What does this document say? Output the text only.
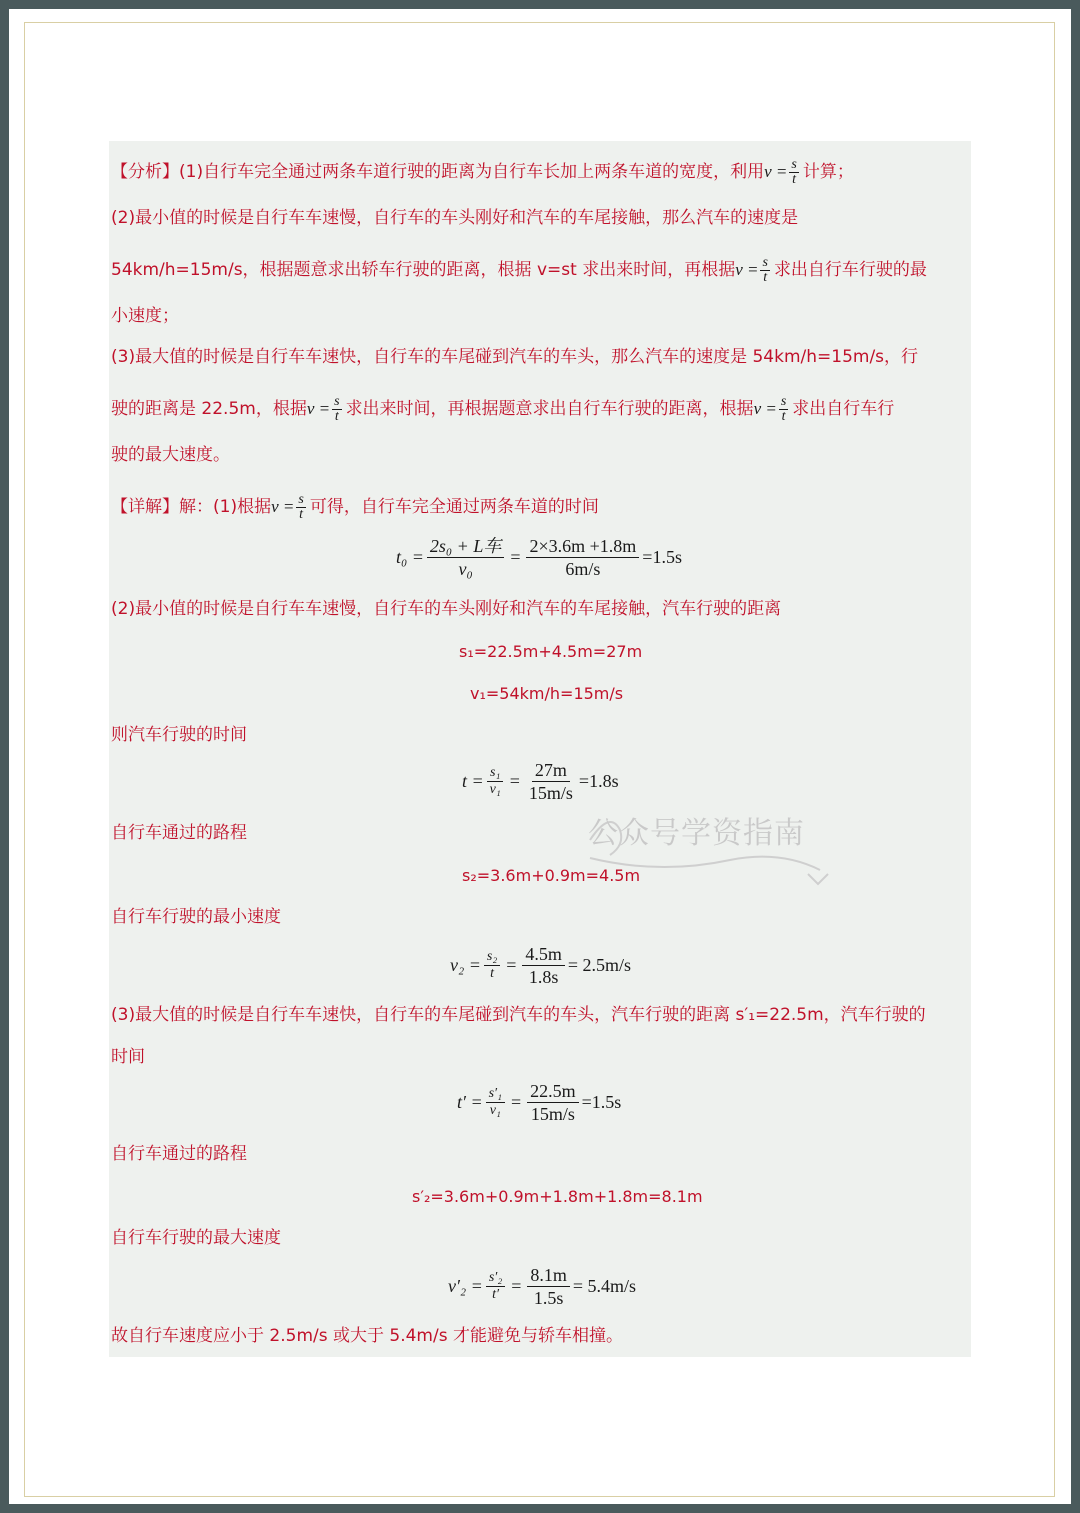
【分析】(1)自行车完全通过两条车道行驶的距离为自行车长加上两条车道的宽度，利用$v = \frac{s}{t}$ 计算；
(2)最小值的时候是自行车车速慢，自行车的车头刚好和汽车的车尾接触，那么汽车的速度是
54km/h=15m/s，根据题意求出轿车行驶的距离，根据 v=st 求出来时间，再根据$v = \frac{s}{t}$ 求出自行车行驶的最
小速度；
(3)最大值的时候是自行车车速快，自行车的车尾碰到汽车的车头，那么汽车的速度是 54km/h=15m/s，行
驶的距离是 22.5m，根据$v = \frac{s}{t}$ 求出来时间，再根据题意求出自行车行驶的距离，根据$v = \frac{s}{t}$ 求出自行车行
驶的最大速度。
【详解】解：(1)根据$v = \frac{s}{t}$ 可得，自行车完全通过两条车道的时间
$t_0 = \frac{\text{2s₀ + L车}}{\text{v₀}} = \frac{2\times 3.6m +1.8m}{6m/s} =1.5s$
(2)最小值的时候是自行车车速慢，自行车的车头刚好和汽车的车尾接触，汽车行驶的距离
s₁=22.5m+4.5m=27m
v₁=54km/h=15m/s
则汽车行驶的时间
$t = \frac{\text{s₁}}{\text{v₁}} = \frac{27m}{15m/s} =1.8s$
自行车通过的路程	公众号学资指南
s₂=3.6m+0.9m=4.5m
自行车行驶的最小速度
$v_2 = \frac{\text{s₂}}{t} = \frac{4.5m}{1.8s} = 2.5m/s$
(3)最大值的时候是自行车车速快，自行车的车尾碰到汽车的车头，汽车行驶的距离 s′₁=22.5m，汽车行驶的
时间
$t' = \frac{\text{s′₁}}{\text{v₁}} = \frac{22.5m}{15m/s} =1.5s$
自行车通过的路程
s′₂=3.6m+0.9m+1.8m+1.8m=8.1m
自行车行驶的最大速度
$v'_2 = \frac{\text{s′₂}}{t'} = \frac{8.1m}{1.5s} = 5.4m/s$
故自行车速度应小于 2.5m/s 或大于 5.4m/s 才能避免与轿车相撞。
